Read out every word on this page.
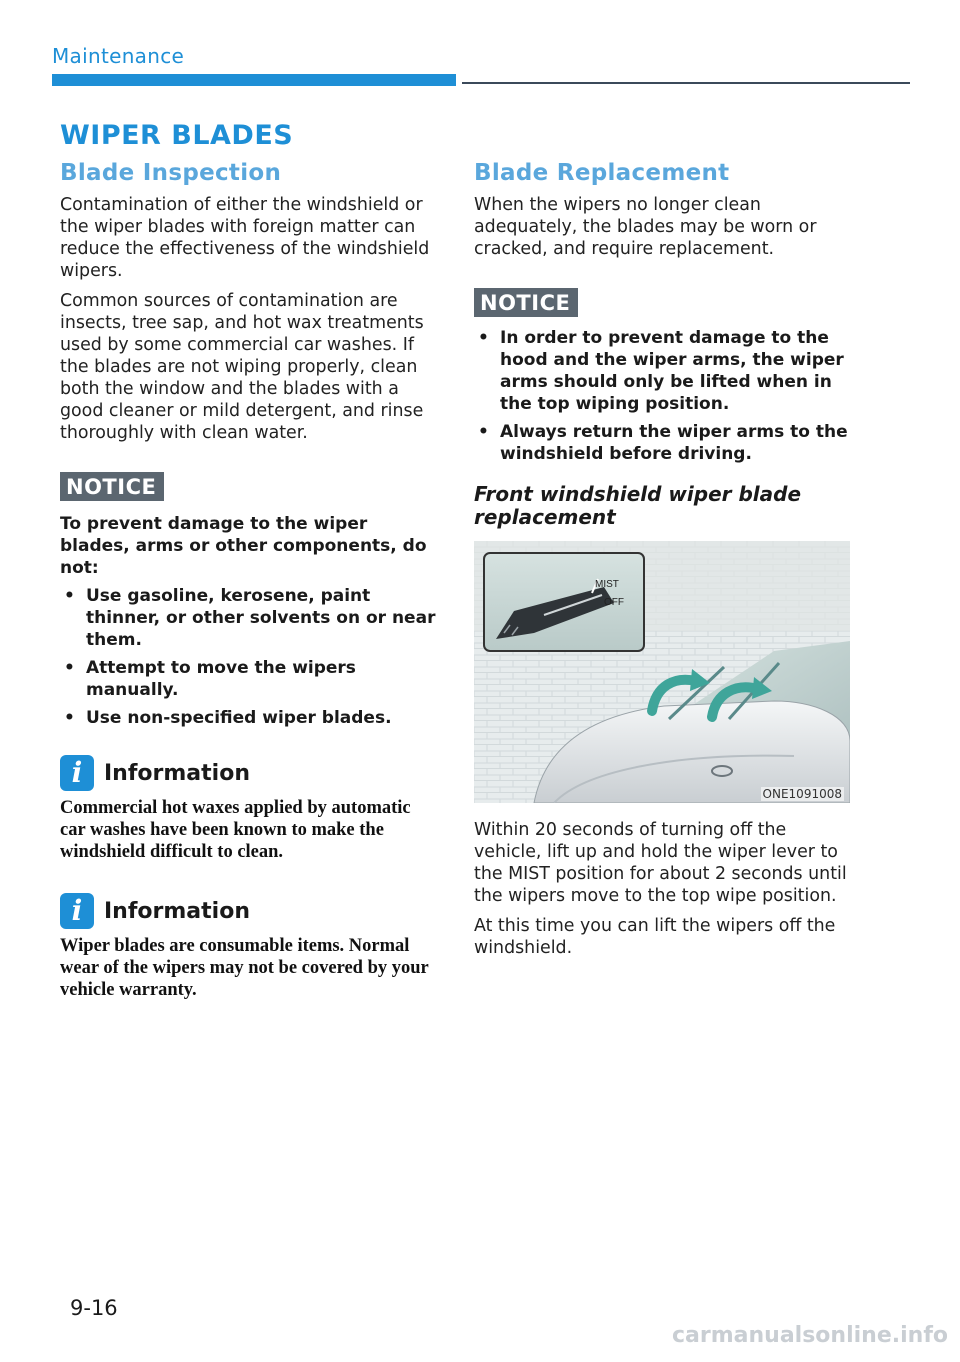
Maintenance
WIPER BLADES
Blade Inspection

Contamination of either the windshield or the wiper blades with foreign matter can reduce the effectiveness of the windshield wipers.

Common sources of contamination are insects, tree sap, and hot wax treatments used by some commercial car washes. If the blades are not wiping properly, clean both the window and the blades with a good cleaner or mild detergent, and rinse thoroughly with clean water.

NOTICE
To prevent damage to the wiper blades, arms or other components, do not:
• Use gasoline, kerosene, paint thinner, or other solvents on or near them.
• Attempt to move the wipers manually.
• Use non-specified wiper blades.
i Information
Commercial hot waxes applied by automatic car washes have been known to make the windshield difficult to clean.
i Information
Wiper blades are consumable items. Normal wear of the wipers may not be covered by your vehicle warranty.
Blade Replacement

When the wipers no longer clean adequately, the blades may be worn or cracked, and require replacement.

NOTICE
• In order to prevent damage to the hood and the wiper arms, the wiper arms should only be lifted when in the top wiping position.
• Always return the wiper arms to the windshield before driving.
Front windshield wiper blade replacement
MIST
OFF
ONE1091008

Within 20 seconds of turning off the vehicle, lift up and hold the wiper lever to the MIST position for about 2 seconds until the wipers move to the top wipe position.

At this time you can lift the wipers off the windshield.

9-16
carmanualsonline.info
